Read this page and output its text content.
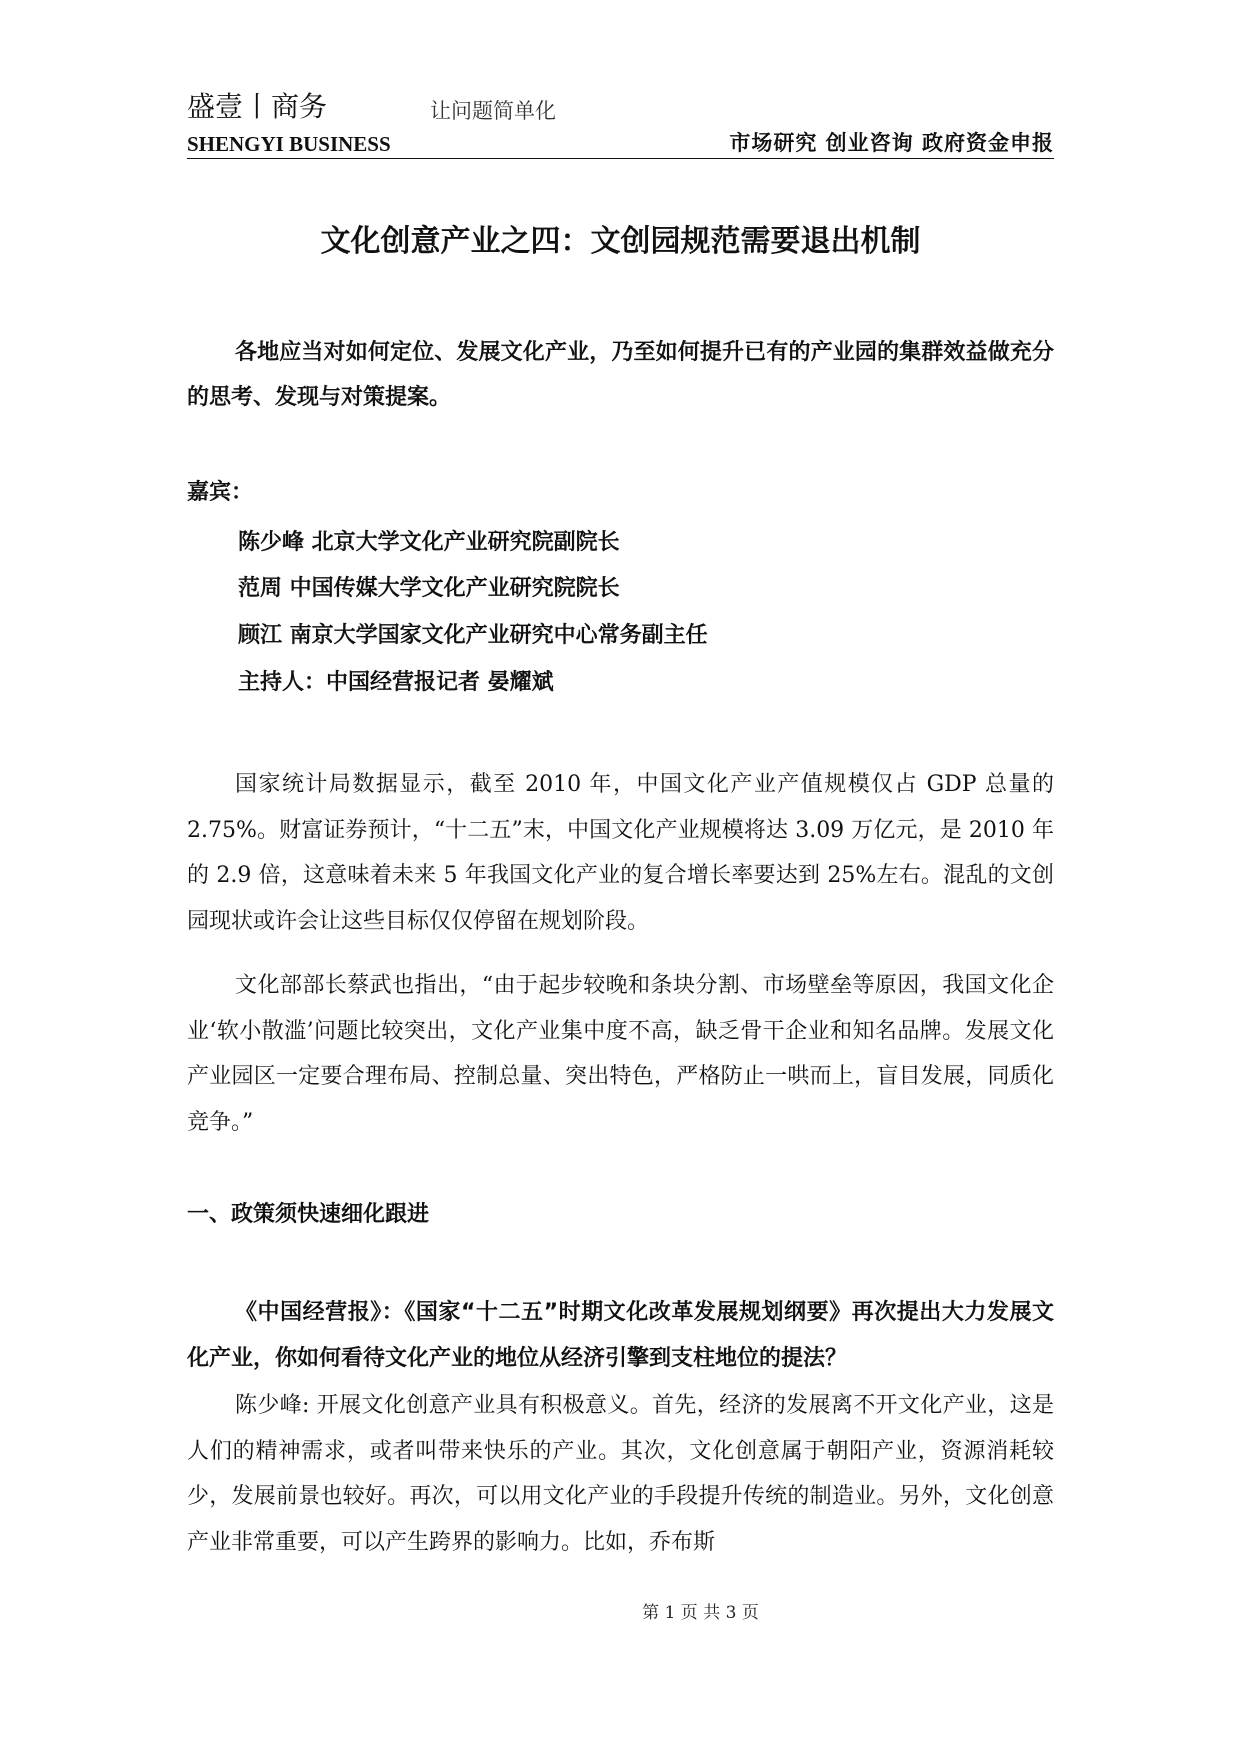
盛壹丨商务	让问题简单化
SHENGYI BUSINESS	市场研究 创业咨询 政府资金申报
文化创意产业之四：文创园规范需要退出机制
各地应当对如何定位、发展文化产业，乃至如何提升已有的产业园的集群效益做充分的思考、发现与对策提案。
嘉宾：
陈少峰 北京大学文化产业研究院副院长
范周 中国传媒大学文化产业研究院院长
顾江 南京大学国家文化产业研究中心常务副主任
主持人：中国经营报记者 晏耀斌
国家统计局数据显示，截至 2010 年，中国文化产业产值规模仅占 GDP 总量的 2.75%。财富证券预计，“十二五”末，中国文化产业规模将达 3.09 万亿元，是 2010 年的 2.9 倍，这意味着未来 5 年我国文化产业的复合增长率要达到 25%左右。混乱的文创园现状或许会让这些目标仅仅停留在规划阶段。
文化部部长蔡武也指出，“由于起步较晚和条块分割、市场壁垒等原因，我国文化企业‘软小散滥’问题比较突出，文化产业集中度不高，缺乏骨干企业和知名品牌。发展文化产业园区一定要合理布局、控制总量、突出特色，严格防止一哄而上，盲目发展，同质化竞争。”
一、政策须快速细化跟进
《中国经营报》：《国家“十二五”时期文化改革发展规划纲要》再次提出大力发展文化产业，你如何看待文化产业的地位从经济引擎到支柱地位的提法？
陈少峰: 开展文化创意产业具有积极意义。首先，经济的发展离不开文化产业，这是人们的精神需求，或者叫带来快乐的产业。其次，文化创意属于朝阳产业，资源消耗较少，发展前景也较好。再次，可以用文化产业的手段提升传统的制造业。另外，文化创意产业非常重要，可以产生跨界的影响力。比如，乔布斯
第 1 页 共 3 页
